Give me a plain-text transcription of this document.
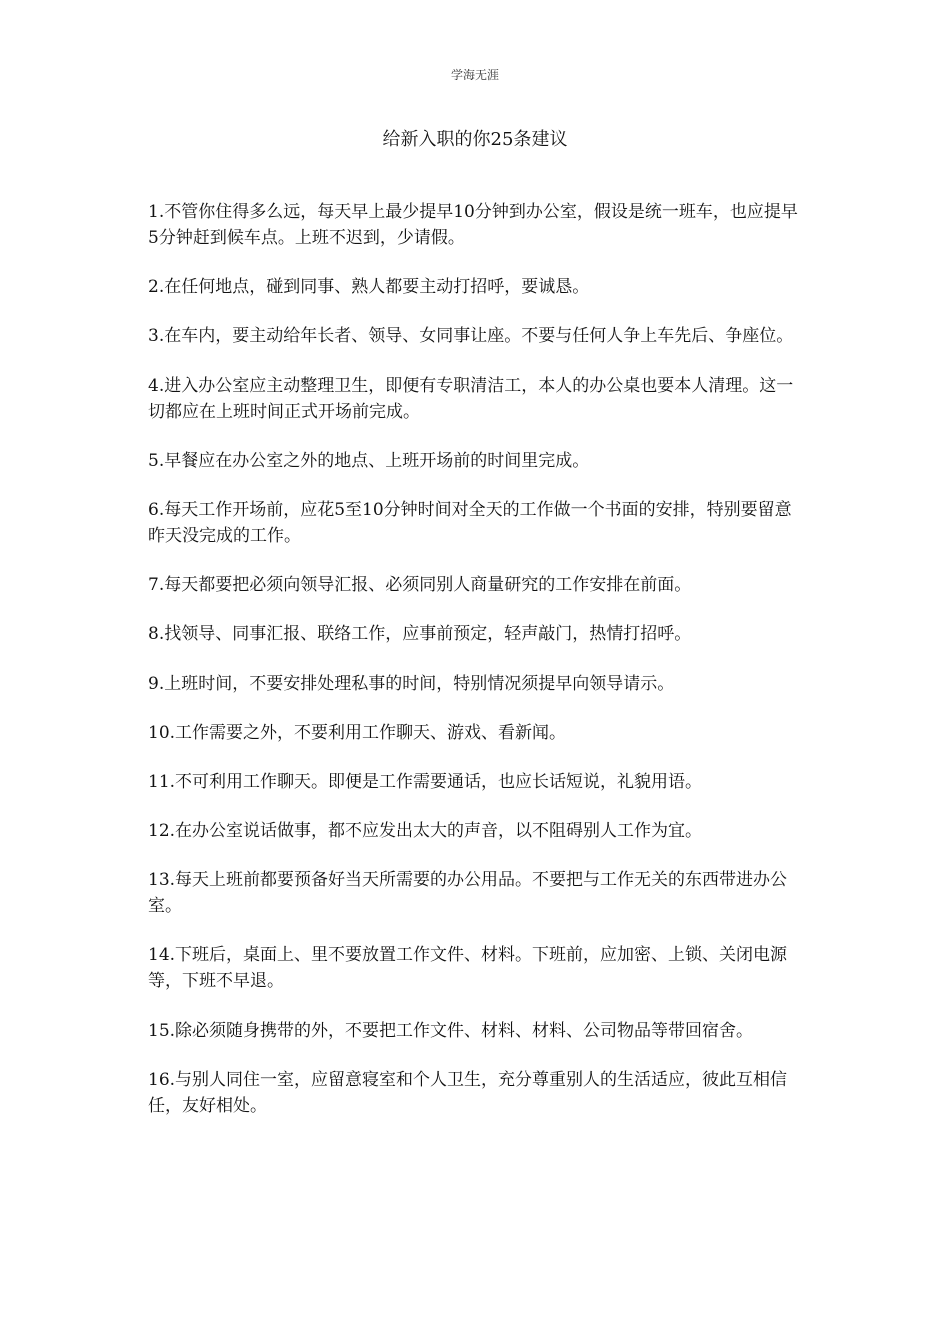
学海无涯
给新入职的你25条建议
1.不管你住得多么远，每天早上最少提早10分钟到办公室，假设是统一班车，也应提早5分钟赶到候车点。上班不迟到，少请假。
2.在任何地点，碰到同事、熟人都要主动打招呼，要诚恳。
3.在车内，要主动给年长者、领导、女同事让座。不要与任何人争上车先后、争座位。
4.进入办公室应主动整理卫生，即便有专职清洁工，本人的办公桌也要本人清理。这一切都应在上班时间正式开场前完成。
5.早餐应在办公室之外的地点、上班开场前的时间里完成。
6.每天工作开场前，应花5至10分钟时间对全天的工作做一个书面的安排，特别要留意昨天没完成的工作。
7.每天都要把必须向领导汇报、必须同别人商量研究的工作安排在前面。
8.找领导、同事汇报、联络工作，应事前预定，轻声敲门，热情打招呼。
9.上班时间，不要安排处理私事的时间，特别情况须提早向领导请示。
10.工作需要之外，不要利用工作聊天、游戏、看新闻。
11.不可利用工作聊天。即便是工作需要通话，也应长话短说，礼貌用语。
12.在办公室说话做事，都不应发出太大的声音，以不阻碍别人工作为宜。
13.每天上班前都要预备好当天所需要的办公用品。不要把与工作无关的东西带进办公室。
14.下班后，桌面上、里不要放置工作文件、材料。下班前，应加密、上锁、关闭电源等，下班不早退。
15.除必须随身携带的外，不要把工作文件、材料、材料、公司物品等带回宿舍。
16.与别人同住一室，应留意寝室和个人卫生，充分尊重别人的生活适应，彼此互相信任，友好相处。
